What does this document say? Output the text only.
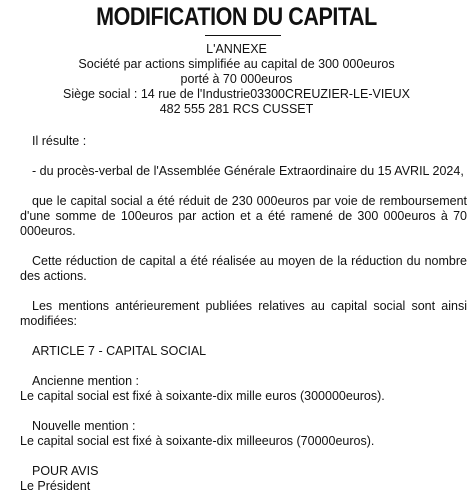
MODIFICATION DU CAPITAL
L'ANNEXE
Société par actions simplifiée au capital de 300 000euros
porté à 70 000euros
Siège social : 14 rue de l'Industrie03300CREUZIER-LE-VIEUX
482 555 281 RCS CUSSET

Il résulte :

- du procès-verbal de l'Assemblée Générale Extraordinaire du 15 AVRIL 2024,

que le capital social a été réduit de 230 000euros par voie de remboursement d'une somme de 100euros par action et a été ramené de 300 000euros à 70 000euros.

Cette réduction de capital a été réalisée au moyen de la réduction du nombre des actions.

Les mentions antérieurement publiées relatives au capital social sont ainsi modifiées:

ARTICLE 7 - CAPITAL SOCIAL

Ancienne mention :

Le capital social est fixé à soixante-dix mille euros (300000euros).

Nouvelle mention :

Le capital social est fixé à soixante-dix milleeuros (70000euros).

POUR AVIS

Le Président
